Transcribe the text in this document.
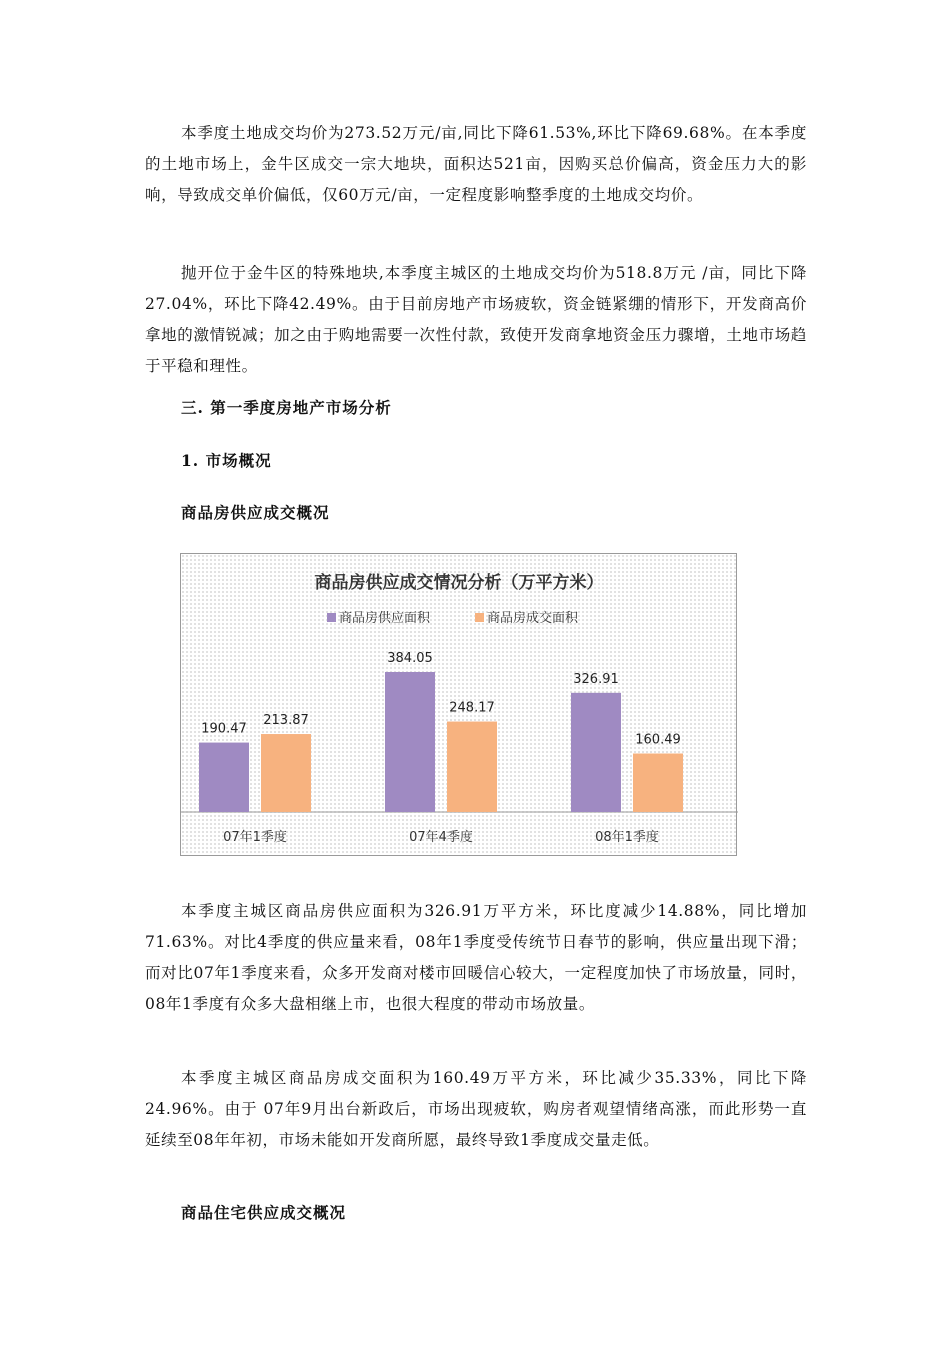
本季度土地成交均价为273.52万元/亩,同比下降61.53%,环比下降69.68%。在本季度的土地市场上，金牛区成交一宗大地块，面积达521亩，因购买总价偏高，资金压力大的影响，导致成交单价偏低，仅60万元/亩，一定程度影响整季度的土地成交均价。

抛开位于金牛区的特殊地块,本季度主城区的土地成交均价为518.8万元 /亩，同比下降27.04%，环比下降42.49%。由于目前房地产市场疲软，资金链紧绷的情形下，开发商高价拿地的激情锐减；加之由于购地需要一次性付款，致使开发商拿地资金压力骤增，土地市场趋于平稳和理性。

三. 第一季度房地产市场分析

1. 市场概况

商品房供应成交概况

商品房供应成交情况分析（万平方米）
商品房供应面积	商品房成交面积
190.47
213.87
384.05
248.17
326.91
160.49
07年1季度	07年4季度	08年1季度

本季度主城区商品房供应面积为326.91万平方米，环比度减少14.88%，同比增加71.63%。对比4季度的供应量来看，08年1季度受传统节日春节的影响，供应量出现下滑；而对比07年1季度来看，众多开发商对楼市回暖信心较大，一定程度加快了市场放量，同时，08年1季度有众多大盘相继上市，也很大程度的带动市场放量。

本季度主城区商品房成交面积为160.49万平方米，环比减少35.33%，同比下降24.96%。由于 07年9月出台新政后，市场出现疲软，购房者观望情绪高涨，而此形势一直延续至08年年初，市场未能如开发商所愿，最终导致1季度成交量走低。

商品住宅供应成交概况
